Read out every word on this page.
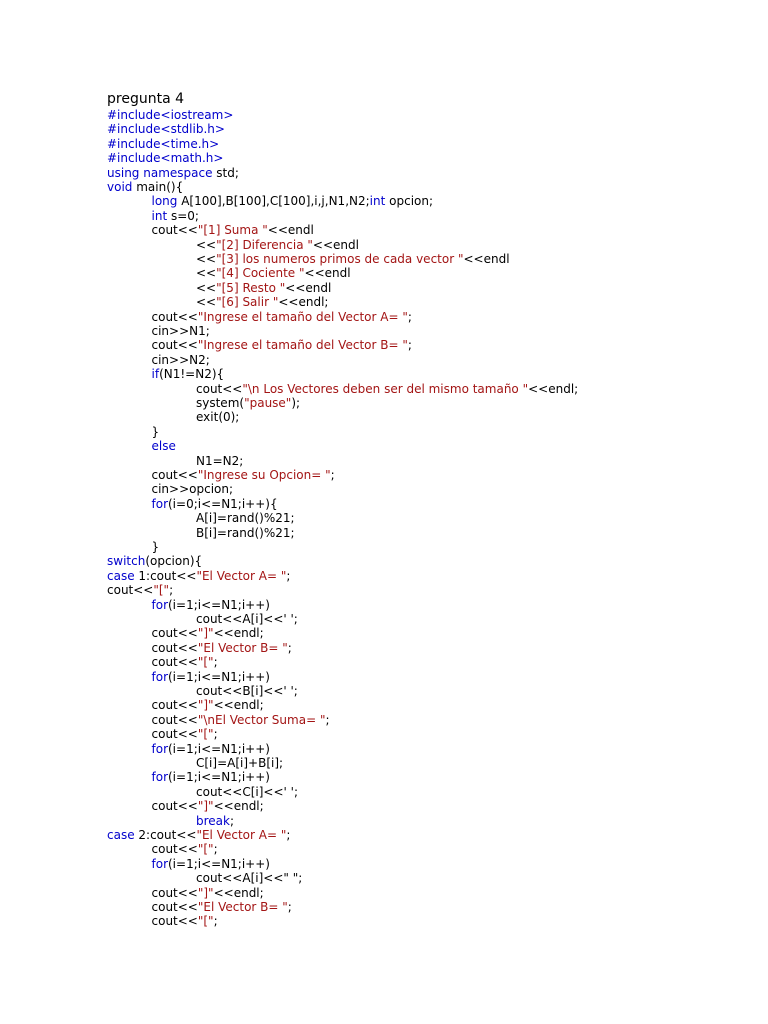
pregunta 4
#include<iostream>
#include<stdlib.h>
#include<time.h>
#include<math.h>
using namespace std;
void main(){
long A[100],B[100],C[100],i,j,N1,N2;int opcion;
int s=0;
cout<<"[1] Suma "<<endl
<<"[2] Diferencia "<<endl
<<"[3] los numeros primos de cada vector "<<endl
<<"[4] Cociente "<<endl
<<"[5] Resto "<<endl
<<"[6] Salir "<<endl;
cout<<"Ingrese el tamaño del Vector A= ";
cin>>N1;
cout<<"Ingrese el tamaño del Vector B= ";
cin>>N2;
if(N1!=N2){
cout<<"\n Los Vectores deben ser del mismo tamaño "<<endl;
system("pause");
exit(0);
}
else
N1=N2;
cout<<"Ingrese su Opcion= ";
cin>>opcion;
for(i=0;i<=N1;i++){
A[i]=rand()%21;
B[i]=rand()%21;
}
switch(opcion){
case 1:cout<<"El Vector A= ";
cout<<"[";
for(i=1;i<=N1;i++)
cout<<A[i]<<' ';
cout<<"]"<<endl;
cout<<"El Vector B= ";
cout<<"[";
for(i=1;i<=N1;i++)
cout<<B[i]<<' ';
cout<<"]"<<endl;
cout<<"\nEl Vector Suma= ";
cout<<"[";
for(i=1;i<=N1;i++)
C[i]=A[i]+B[i];
for(i=1;i<=N1;i++)
cout<<C[i]<<' ';
cout<<"]"<<endl;
break;
case 2:cout<<"El Vector A= ";
cout<<"[";
for(i=1;i<=N1;i++)
cout<<A[i]<<" ";
cout<<"]"<<endl;
cout<<"El Vector B= ";
cout<<"[";
